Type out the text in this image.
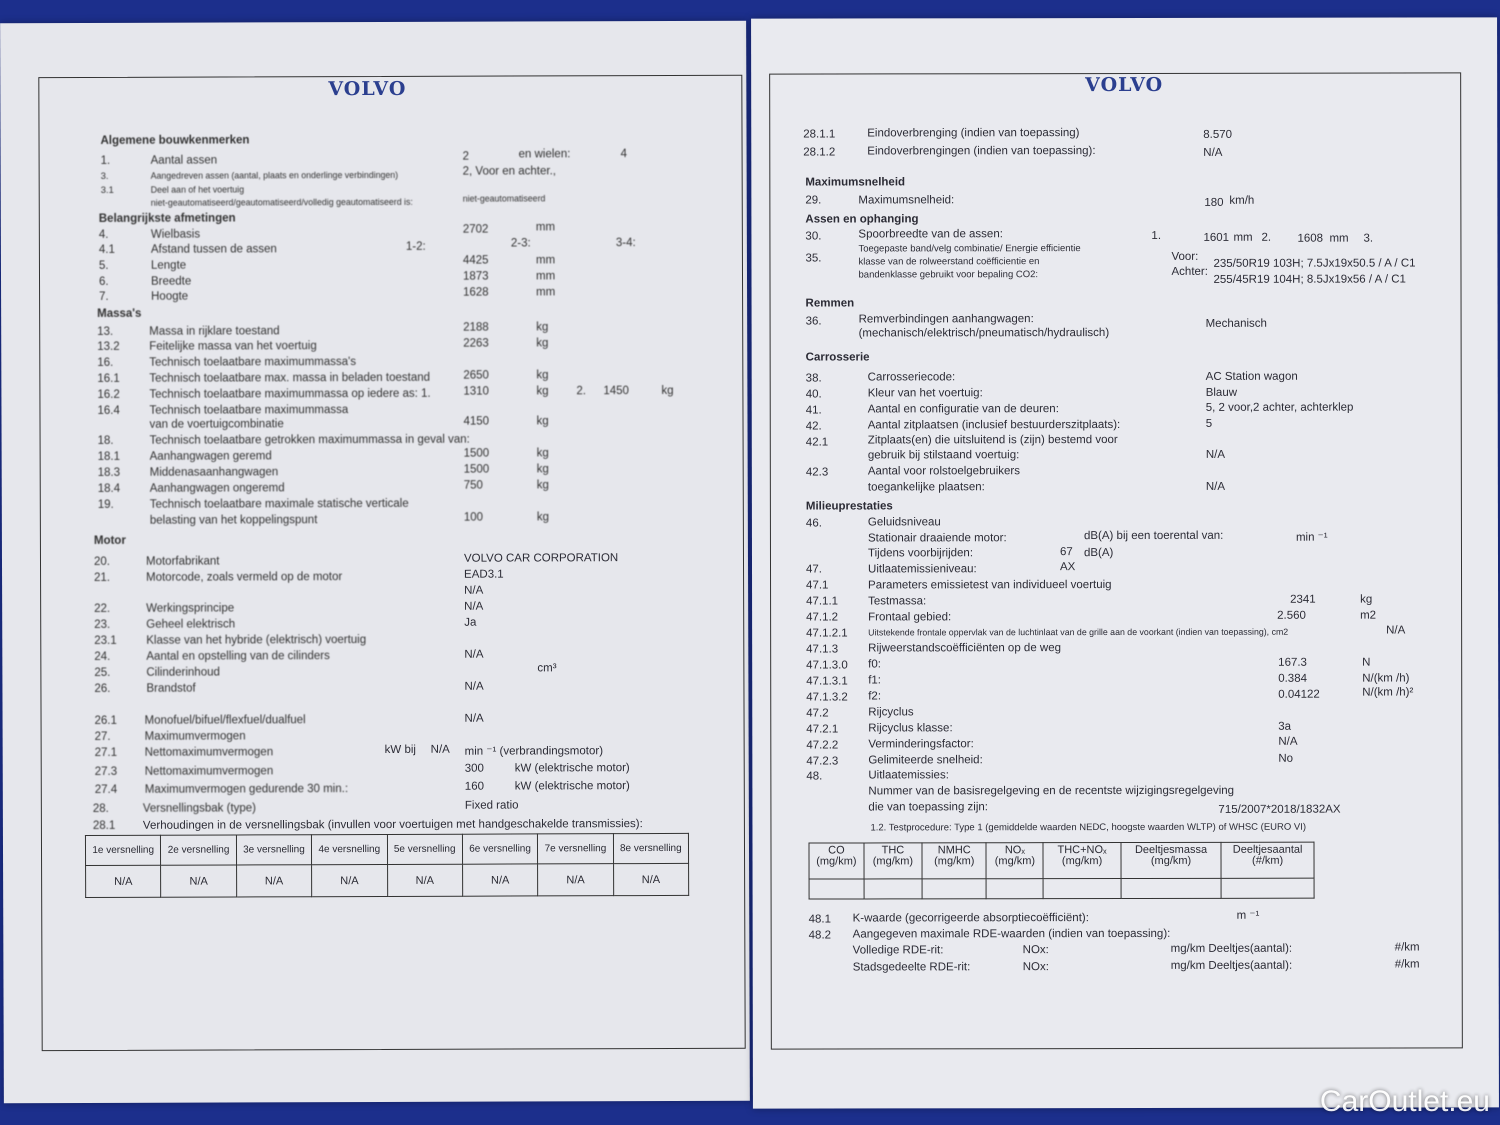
VOLVO
Algemene bouwkenmerken
1.	Aantal assen	2	en wielen:	4
3.	Aangedreven assen (aantal, plaats en onderlinge verbindingen)	2, Voor en achter.,
3.1	Deel aan of het voertuig
niet-geautomatiseerd/geautomatiseerd/volledig geautomatiseerd is:	niet-geautomatiseerd
Belangrijkste afmetingen
4.	Wielbasis	2702	mm
4.1	Afstand tussen de assen	1-2:	2-3:	3-4:
5.	Lengte	4425	mm
6.	Breedte	1873	mm
7.	Hoogte	1628	mm
Massa's
13.	Massa in rijklare toestand	2188	kg
13.2	Feitelijke massa van het voertuig	2263	kg
16.	Technisch toelaatbare maximummassa's
16.1	Technisch toelaatbare max. massa in beladen toestand	2650	kg
16.2	Technisch toelaatbare maximummassa op iedere as: 1.	1310	kg 2. 1450	kg
16.4	Technisch toelaatbare maximummassa
van de voertuigcombinatie	4150	kg
18.	Technisch toelaatbare getrokken maximummassa in geval van:
18.1	Aanhangwagen geremd	1500	kg
18.3	Middenasaanhangwagen	1500	kg
18.4	Aanhangwagen ongeremd	750	kg
19.	Technisch toelaatbare maximale statische verticale
belasting van het koppelingspunt	100	kg
Motor
20.	Motorfabrikant	VOLVO CAR CORPORATION
21.	Motorcode, zoals vermeld op de motor	EAD3.1
N/A
22.	Werkingsprincipe	N/A
23.	Geheel elektrisch	Ja
23.1	Klasse van het hybride (elektrisch) voertuig
24.	Aantal en opstelling van de cilinders	N/A
25.	Cilinderinhoud	cm³
26.	Brandstof	N/A
26.1 Monofuel/bifuel/flexfuel/dualfuel	N/A
27.	Maximumvermogen
27.1 Nettomaximumvermogen	kW bij N/A min ⁻¹ (verbrandingsmotor)
27.3 Nettomaximumvermogen	300	kW (elektrische motor)
27.4 Maximumvermogen gedurende 30 min.:	160	kW (elektrische motor)
28.	Versnellingsbak (type)	Fixed ratio
28.1 Verhoudingen in de versnellingsbak (invullen voor voertuigen met handgeschakelde transmissies):
1e versnelling	2e versnelling	3e versnelling	4e versnelling	5e versnelling	6e versnelling	7e versnelling	8e versnelling
N/A	N/A	N/A	N/A	N/A	N/A	N/A	N/A
VOLVO
28.1.1	Eindoverbrenging (indien van toepassing)	8.570
28.1.2	Eindoverbrengingen (indien van toepassing):	N/A
Maximumsnelheid
29.	Maximumsnelheid:	180 km/h
Assen en ophanging
30.	Spoorbreedte van de assen:	1.	1601 mm 2. 1608 mm 3.
35.
Toegepaste band/velg combinatie/ Energie efficientie
klasse van de rolweerstand coëfficientie en
bandenklasse gebruikt voor bepaling CO2:
Voor:
Achter:
235/50R19 103H; 7.5Jx19x50.5 / A / C1
255/45R19 104H; 8.5Jx19x56 / A / C1
Remmen
36.	Remverbindingen aanhangwagen:
(mechanisch/elektrisch/pneumatisch/hydraulisch)
Mechanisch
Carrosserie
38.	Carrosseriecode:	AC Station wagon
40.	Kleur van het voertuig:	Blauw
41.	Aantal en configuratie van de deuren:	5, 2 voor,2 achter, achterklep
42.	Aantal zitplaatsen (inclusief bestuurderszitplaats):	5
42.1	Zitplaats(en) die uitsluitend is (zijn) bestemd voor
gebruik bij stilstaand voertuig:	N/A
42.3	Aantal voor rolstoelgebruikers
toegankelijke plaatsen:	N/A
Milieuprestaties
46.	Geluidsniveau
Stationair draaiende motor:	dB(A) bij een toerental van:	min ⁻¹
Tijdens voorbijrijden:	67 dB(A)
47.	Uitlaatemissieniveau:	AX
47.1	Parameters emissietest van individueel voertuig
47.1.1	Testmassa:	2341	kg
47.1.2	Frontaal gebied:	2.560	m2
47.1.2.1 Uitstekende frontale oppervlak van de luchtinlaat van de grille aan de voorkant (indien van toepassing), cm2	N/A
47.1.3	Rijweerstandscoëfficiënten op de weg
47.1.3.0 f0:	167.3	N
47.1.3.1 f1:	0.384	N/(km /h)
47.1.3.2 f2:	0.04122	N/(km /h)²
47.2	Rijcyclus
47.2.1	Rijcyclus klasse:	3a
47.2.2	Verminderingsfactor:	N/A
47.2.3	Gelimiteerde snelheid:	No
48.	Uitlaatemissies:
Nummer van de basisregelgeving en de recentste wijzigingsregelgeving
die van toepassing zijn:	715/2007*2018/1832AX
1.2. Testprocedure: Type 1 (gemiddelde waarden NEDC, hoogste waarden WLTP) of WHSC (EURO VI)
48.1 K-waarde (gecorrigeerde absorptiecoëfficiënt):	m ⁻¹
48.2 Aangegeven maximale RDE-waarden (indien van toepassing):
Volledige RDE-rit:	NOx:	mg/km Deeltjes(aantal):	#/km
Stadsgedeelte RDE-rit:	NOx:	mg/km Deeltjes(aantal):	#/km
CO (mg/km)	THC (mg/km)	NMHC (mg/km)	NOₓ (mg/km)	THC+NOₓ (mg/km)	Deeltjesmassa (mg/km)	Deeltjesaantal (#/km)

CarOutlet.eu
